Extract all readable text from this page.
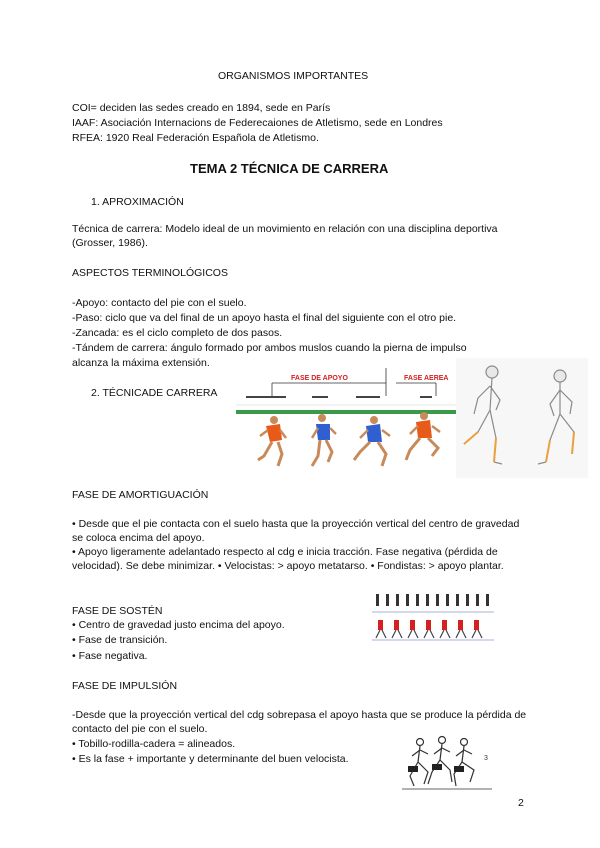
ORGANISMOS IMPORTANTES
COI= deciden las sedes creado en 1894, sede en París
IAAF: Asociación Internacions de Federecaiones de Atletismo, sede en Londres
RFEA: 1920 Real Federación Española de Atletismo.
TEMA 2 TÉCNICA DE CARRERA
1. APROXIMACIÓN
Técnica de carrera: Modelo ideal de un movimiento en relación con una disciplina deportiva (Grosser, 1986).
ASPECTOS TERMINOLÓGICOS
-Apoyo: contacto del pie con el suelo.
-Paso: ciclo que va del final de un apoyo hasta el final del siguiente con el otro pie.
-Zancada: es el ciclo completo de dos pasos.
-Tándem de carrera: ángulo formado por ambos muslos cuando la pierna de impulso
alcanza la máxima extensión.
2. TÉCNICADE CARRERA
FASE DE APOYO	FASE AEREA
FASE DE AMORTIGUACIÓN
• Desde que el pie contacta con el suelo hasta que la proyección vertical del centro de gravedad se coloca encima del apoyo.
• Apoyo ligeramente adelantado respecto al cdg e inicia tracción. Fase negativa (pérdida de velocidad). Se debe minimizar. • Velocistas: > apoyo metatarso. • Fondistas: > apoyo plantar.
FASE DE SOSTÉN
• Centro de gravedad justo encima del apoyo.
• Fase de transición.
• Fase negativa.
FASE DE IMPULSIÓN
-Desde que la proyección vertical del cdg sobrepasa el apoyo hasta que se produce la pérdida de contacto del pie con el suelo.
• Tobillo-rodilla-cadera = alineados.
• Es la fase + importante y determinante del buen velocista.	3
2
